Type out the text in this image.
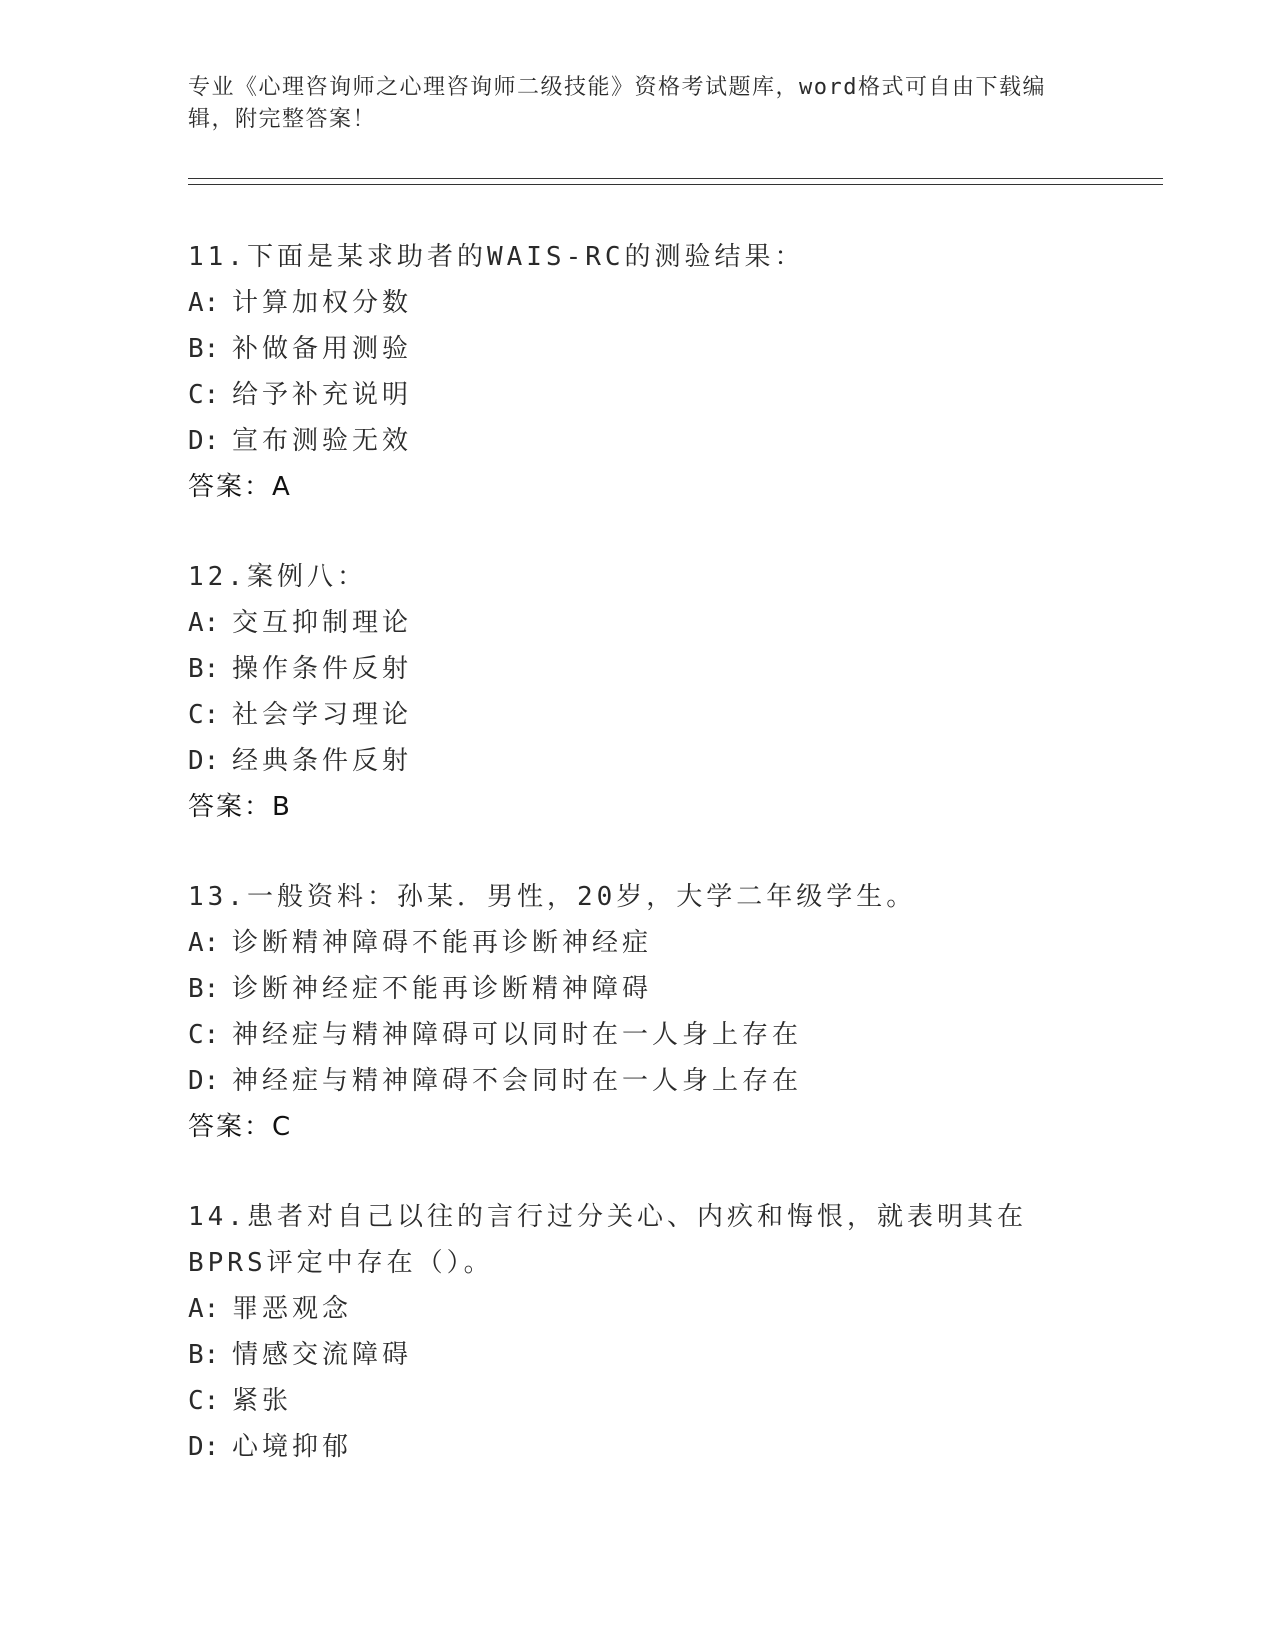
专业《心理咨询师之心理咨询师二级技能》资格考试题库，word格式可自由下载编辑，附完整答案！
11.下面是某求助者的WAIS-RC的测验结果：
A: 计算加权分数
B: 补做备用测验
C: 给予补充说明
D: 宣布测验无效
答案：A
12.案例八：
A: 交互抑制理论
B: 操作条件反射
C: 社会学习理论
D: 经典条件反射
答案：B
13.一般资料：孙某．男性，20岁，大学二年级学生。
A: 诊断精神障碍不能再诊断神经症
B: 诊断神经症不能再诊断精神障碍
C: 神经症与精神障碍可以同时在一人身上存在
D: 神经症与精神障碍不会同时在一人身上存在
答案：C
14.患者对自己以往的言行过分关心、内疚和悔恨，就表明其在BPRS评定中存在（）。
A: 罪恶观念
B: 情感交流障碍
C: 紧张
D: 心境抑郁
